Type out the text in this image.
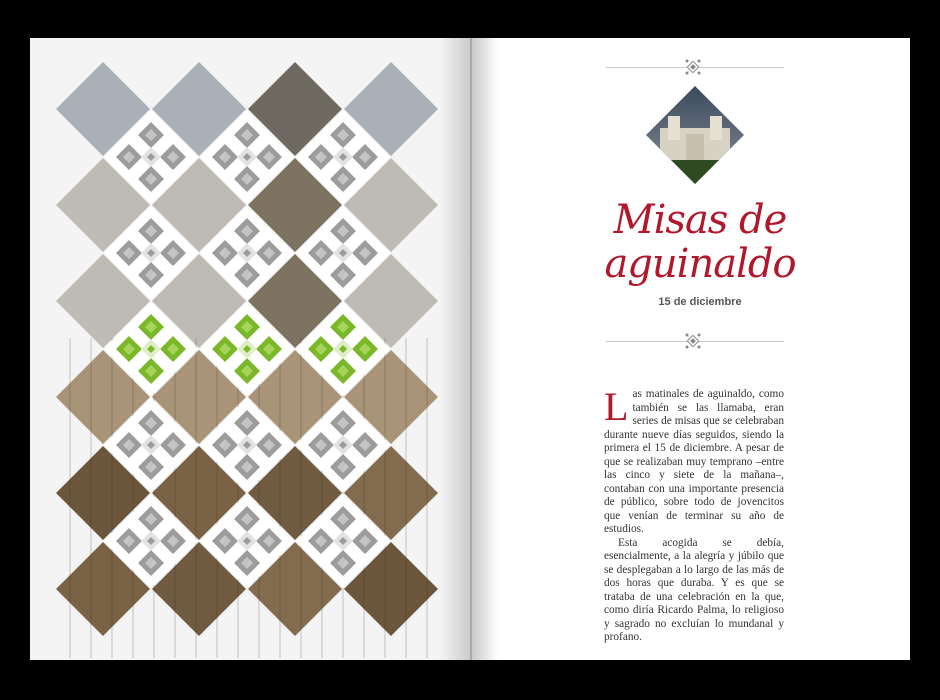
Misas de
aguinaldo
15 de diciembre

Las matinales de aguinaldo, como también se las llamaba, eran series de misas que se celebraban durante nueve días seguidos, siendo la primera el 15 de diciembre. A pesar de que se realizaban muy temprano –entre las cinco y siete de la mañana–, contaban con una importante presencia de público, sobre todo de jovencitos que venían de terminar su año de estudios.

Esta acogida se debía, esencialmente, a la alegría y júbilo que se desplegaban a lo largo de las más de dos horas que duraba. Y es que se trataba de una celebración en la que, como diría Ricardo Palma, lo religioso y sagrado no excluían lo mundanal y profano.
